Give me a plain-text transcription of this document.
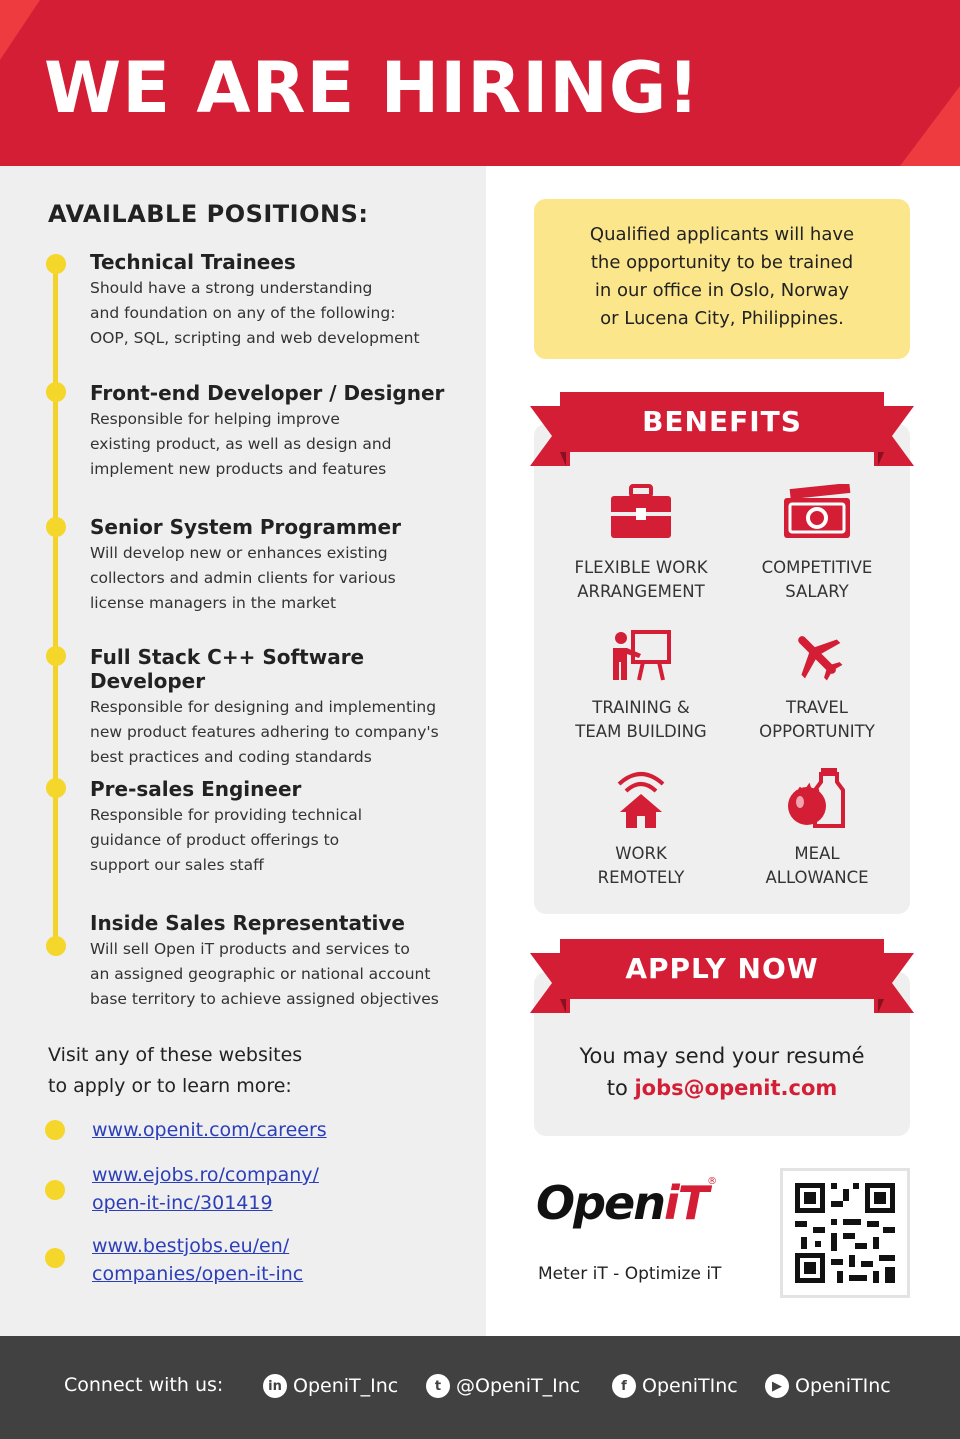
WE ARE HIRING!
AVAILABLE POSITIONS:
Technical Trainees
Should have a strong understanding
and foundation on any of the following:
OOP, SQL, scripting and web development
Front-end Developer / Designer
Responsible for helping improve
existing product, as well as design and
implement new products and features
Senior System Programmer
Will develop new or enhances existing
collectors and admin clients for various
license managers in the market
Full Stack C++ Software Developer
Responsible for designing and implementing
new product features adhering to company's
best practices and coding standards
Pre-sales Engineer
Responsible for providing technical
guidance of product offerings to
support our sales staff
Inside Sales Representative
Will sell Open iT products and services to
an assigned geographic or national account
base territory to achieve assigned objectives
Visit any of these websites
to apply or to learn more:
www.openit.com/careers
www.ejobs.ro/company/
open-it-inc/301419
www.bestjobs.eu/en/
companies/open-it-inc
Qualified applicants will have
the opportunity to be trained
in our office in Oslo, Norway
or Lucena City, Philippines.
BENEFITS
FLEXIBLE WORK
ARRANGEMENT
COMPETITIVE
SALARY
TRAINING &
TEAM BUILDING
TRAVEL
OPPORTUNITY
WORK
REMOTELY
MEAL
ALLOWANCE
APPLY NOW
You may send your resumé
to jobs@openit.com
OpeniT®
Meter iT - Optimize iT
Connect with us:	in OpeniT_Inc	t @OpeniT_Inc	f OpeniTInc	▶ OpeniTInc
